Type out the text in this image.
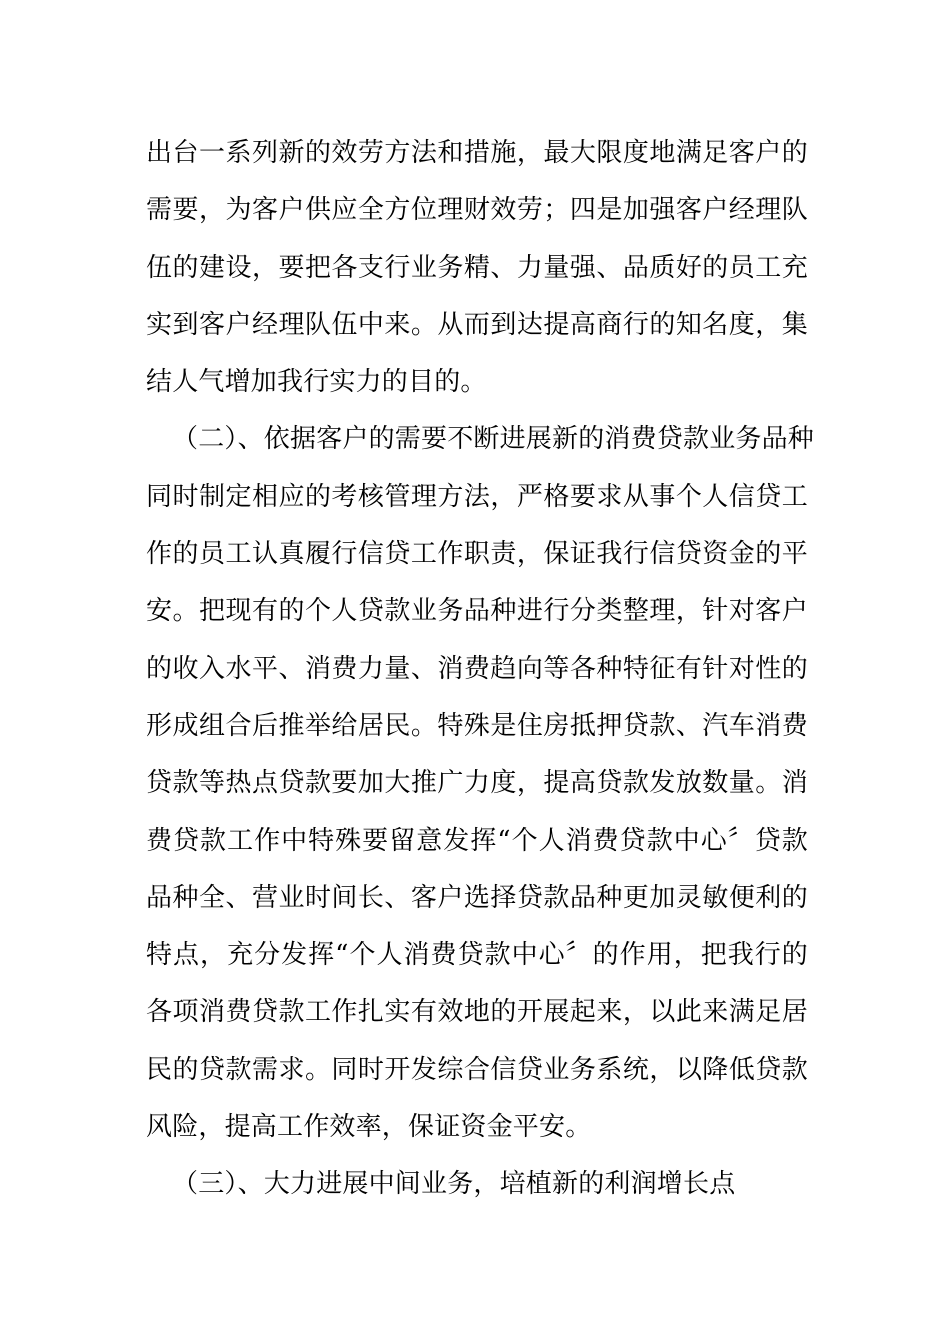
出台一系列新的效劳方法和措施，最大限度地满足客户的
需要，为客户供应全方位理财效劳；四是加强客户经理队
伍的建设，要把各支行业务精、力量强、品质好的员工充
实到客户经理队伍中来。从而到达提高商行的知名度，集
结人气增加我行实力的目的。
（二）、依据客户的需要不断进展新的消费贷款业务品种
同时制定相应的考核管理方法，严格要求从事个人信贷工
作的员工认真履行信贷工作职责，保证我行信贷资金的平
安。把现有的个人贷款业务品种进行分类整理，针对客户
的收入水平、消费力量、消费趋向等各种特征有针对性的
形成组合后推举给居民。特殊是住房抵押贷款、汽车消费
贷款等热点贷款要加大推广力度，提高贷款发放数量。消
费贷款工作中特殊要留意发挥“个人消费贷款中心〞贷款
品种全、营业时间长、客户选择贷款品种更加灵敏便利的
特点，充分发挥“个人消费贷款中心〞的作用，把我行的
各项消费贷款工作扎实有效地的开展起来，以此来满足居
民的贷款需求。同时开发综合信贷业务系统，以降低贷款
风险，提高工作效率，保证资金平安。
（三）、大力进展中间业务，培植新的利润增长点
